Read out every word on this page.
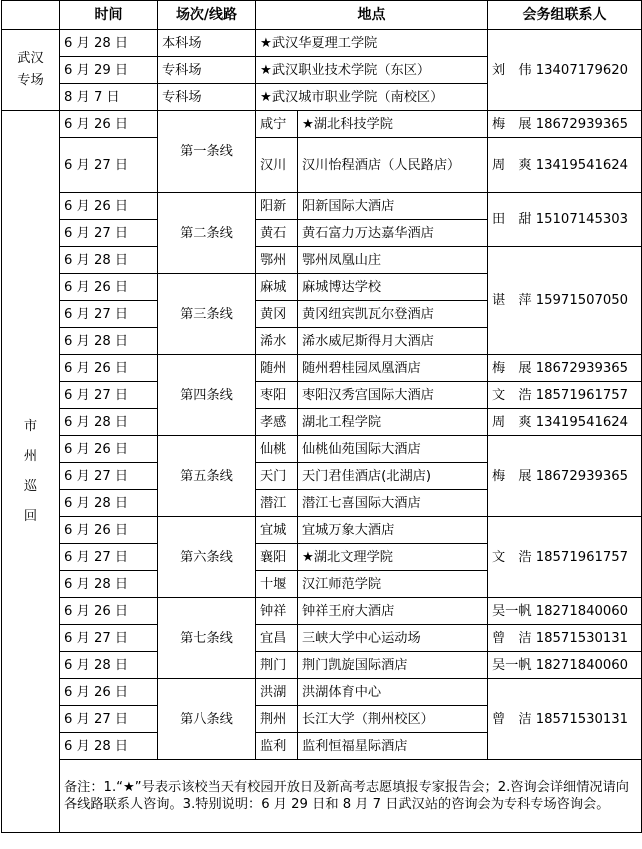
	时间	场次/线路	地点		会务组联系人

武汉专场	6 月 28 日	本科场	★武汉华夏理工学院		刘　伟 13407179620
	6 月 29 日	专科场	★武汉职业技术学院（东区）		
	8 月 7 日	专科场	★武汉城市职业学院（南校区）		

市州巡回	6 月 26 日	第一条线	咸宁	★湖北科技学院	梅　展 18672939365
	6 月 27 日		汉川	汉川怡程酒店（人民路店）	周　爽 13419541624
	6 月 26 日	第二条线	阳新	阳新国际大酒店	田　甜 15107145303
	6 月 27 日		黄石	黄石富力万达嘉华酒店	
	6 月 28 日		鄂州	鄂州凤凰山庄	谌　萍 15971507050
	6 月 26 日	第三条线	麻城	麻城博达学校	
	6 月 27 日		黄冈	黄冈纽宾凯瓦尔登酒店	
	6 月 28 日		浠水	浠水威尼斯得月大酒店	
	6 月 26 日	第四条线	随州	随州碧桂园凤凰酒店	梅　展 18672939365
	6 月 27 日		枣阳	枣阳汉秀宫国际大酒店	文　浩 18571961757
	6 月 28 日		孝感	湖北工程学院	周　爽 13419541624
	6 月 26 日	第五条线	仙桃	仙桃仙苑国际大酒店	梅　展 18672939365
	6 月 27 日		天门	天门君佳酒店(北湖店)	
	6 月 28 日		潜江	潜江七喜国际大酒店	
	6 月 26 日	第六条线	宜城	宜城万象大酒店	文　浩 18571961757
	6 月 27 日		襄阳	★湖北文理学院	
	6 月 28 日		十堰	汉江师范学院	
	6 月 26 日	第七条线	钟祥	钟祥王府大酒店	吴一帆 18271840060
	6 月 27 日		宜昌	三峡大学中心运动场	曾　洁 18571530131
	6 月 28 日		荆门	荆门凯旋国际酒店	吴一帆 18271840060
	6 月 26 日	第八条线	洪湖	洪湖体育中心	曾　洁 18571530131
	6 月 27 日		荆州	长江大学（荆州校区）	
	6 月 28 日		监利	监利恒福星际酒店	
	备注：1.“★”号表示该校当天有校园开放日及新高考志愿填报专家报告会；2.咨询会详细情况请向各线路联系人咨询。3.特别说明：6 月 29 日和 8 月 7 日武汉站的咨询会为专科专场咨询会。				
